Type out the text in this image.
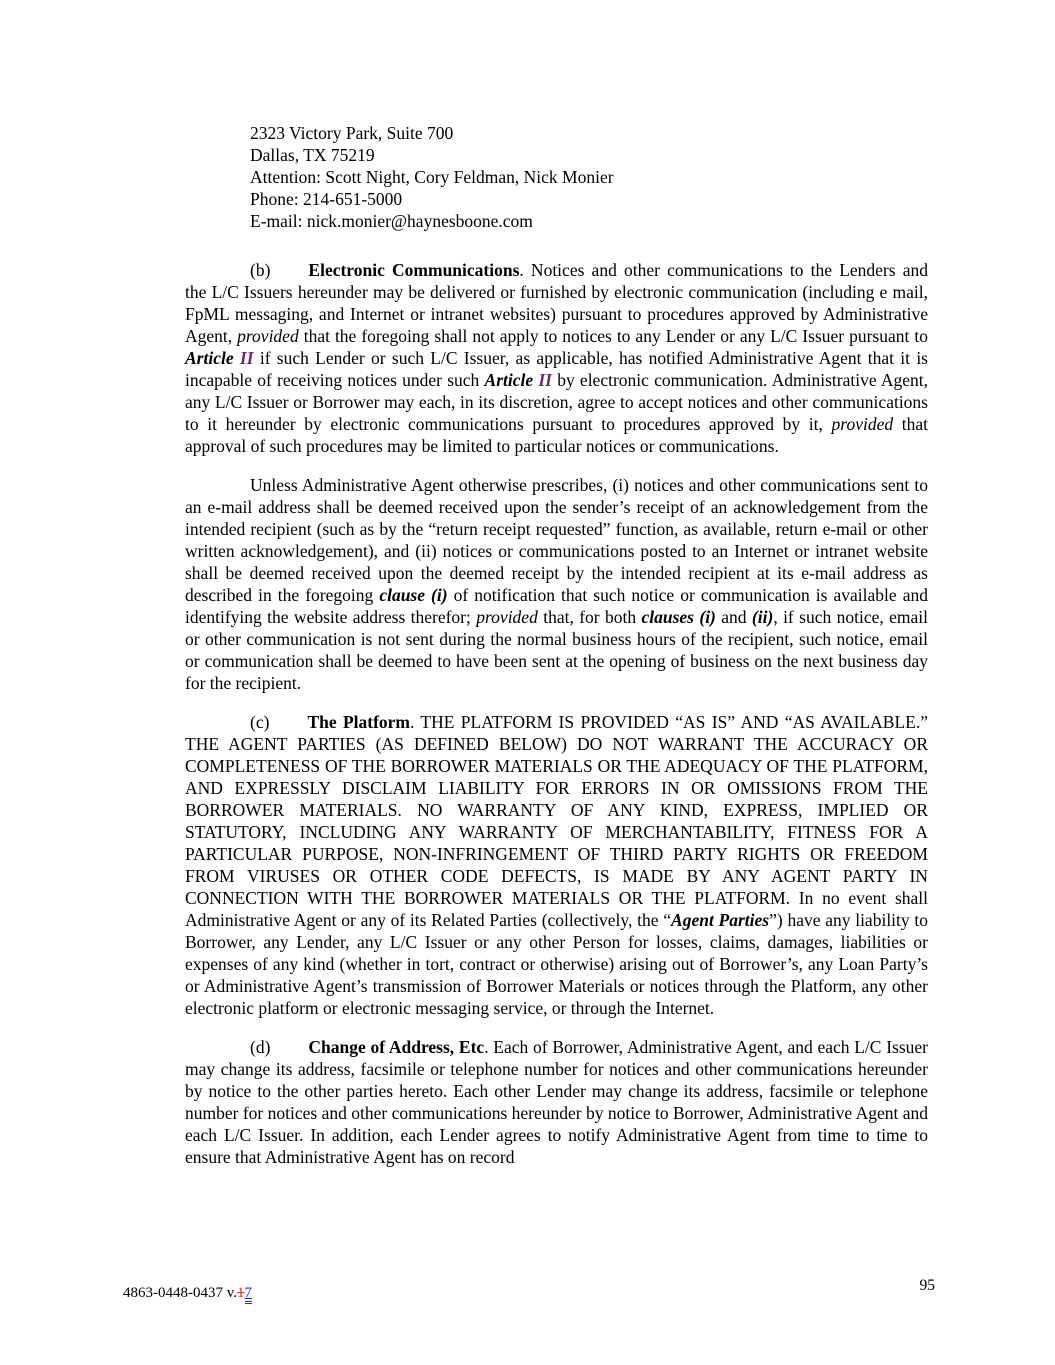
2323 Victory Park, Suite 700
Dallas, TX 75219
Attention: Scott Night, Cory Feldman, Nick Monier
Phone: 214-651-5000
E-mail: nick.monier@haynesboone.com

(b) Electronic Communications. Notices and other communications to the Lenders and the L/C Issuers hereunder may be delivered or furnished by electronic communication (including e mail, FpML messaging, and Internet or intranet websites) pursuant to procedures approved by Administrative Agent, provided that the foregoing shall not apply to notices to any Lender or any L/C Issuer pursuant to Article II if such Lender or such L/C Issuer, as applicable, has notified Administrative Agent that it is incapable of receiving notices under such Article II by electronic communication. Administrative Agent, any L/C Issuer or Borrower may each, in its discretion, agree to accept notices and other communications to it hereunder by electronic communications pursuant to procedures approved by it, provided that approval of such procedures may be limited to particular notices or communications.

Unless Administrative Agent otherwise prescribes, (i) notices and other communications sent to an e-mail address shall be deemed received upon the sender’s receipt of an acknowledgement from the intended recipient (such as by the “return receipt requested” function, as available, return e-mail or other written acknowledgement), and (ii) notices or communications posted to an Internet or intranet website shall be deemed received upon the deemed receipt by the intended recipient at its e-mail address as described in the foregoing clause (i) of notification that such notice or communication is available and identifying the website address therefor; provided that, for both clauses (i) and (ii), if such notice, email or other communication is not sent during the normal business hours of the recipient, such notice, email or communication shall be deemed to have been sent at the opening of business on the next business day for the recipient.

(c) The Platform. THE PLATFORM IS PROVIDED “AS IS” AND “AS AVAILABLE.” THE AGENT PARTIES (AS DEFINED BELOW) DO NOT WARRANT THE ACCURACY OR COMPLETENESS OF THE BORROWER MATERIALS OR THE ADEQUACY OF THE PLATFORM, AND EXPRESSLY DISCLAIM LIABILITY FOR ERRORS IN OR OMISSIONS FROM THE BORROWER MATERIALS. NO WARRANTY OF ANY KIND, EXPRESS, IMPLIED OR STATUTORY, INCLUDING ANY WARRANTY OF MERCHANTABILITY, FITNESS FOR A PARTICULAR PURPOSE, NON-INFRINGEMENT OF THIRD PARTY RIGHTS OR FREEDOM FROM VIRUSES OR OTHER CODE DEFECTS, IS MADE BY ANY AGENT PARTY IN CONNECTION WITH THE BORROWER MATERIALS OR THE PLATFORM. In no event shall Administrative Agent or any of its Related Parties (collectively, the “Agent Parties”) have any liability to Borrower, any Lender, any L/C Issuer or any other Person for losses, claims, damages, liabilities or expenses of any kind (whether in tort, contract or otherwise) arising out of Borrower’s, any Loan Party’s or Administrative Agent’s transmission of Borrower Materials or notices through the Platform, any other electronic platform or electronic messaging service, or through the Internet.

(d) Change of Address, Etc. Each of Borrower, Administrative Agent, and each L/C Issuer may change its address, facsimile or telephone number for notices and other communications hereunder by notice to the other parties hereto. Each other Lender may change its address, facsimile or telephone number for notices and other communications hereunder by notice to Borrower, Administrative Agent and each L/C Issuer. In addition, each Lender agrees to notify Administrative Agent from time to time to ensure that Administrative Agent has on record

4863-0448-0437 v.17	95
